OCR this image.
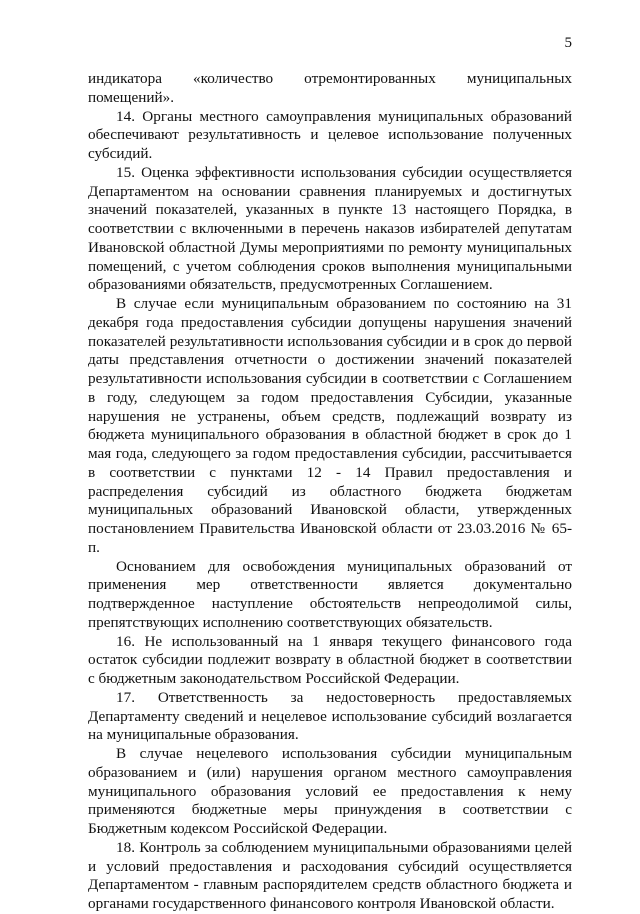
5

индикатора «количество отремонтированных муниципальных помещений».

14. Органы местного самоуправления муниципальных образований обеспечивают результативность и целевое использование полученных субсидий.

15. Оценка эффективности использования субсидии осуществляется Департаментом на основании сравнения планируемых и достигнутых значений показателей, указанных в пункте 13 настоящего Порядка, в соответствии с включенными в перечень наказов избирателей депутатам Ивановской областной Думы мероприятиями по ремонту муниципальных помещений, с учетом соблюдения сроков выполнения муниципальными образованиями обязательств, предусмотренных Соглашением.

В случае если муниципальным образованием по состоянию на 31 декабря года предоставления субсидии допущены нарушения значений показателей результативности использования субсидии и в срок до первой даты представления отчетности о достижении значений показателей результативности использования субсидии в соответствии с Соглашением в году, следующем за годом предоставления Субсидии, указанные нарушения не устранены, объем средств, подлежащий возврату из бюджета муниципального образования в областной бюджет в срок до 1 мая года, следующего за годом предоставления субсидии, рассчитывается в соответствии с пунктами 12 - 14 Правил предоставления и распределения субсидий из областного бюджета бюджетам муниципальных образований Ивановской области, утвержденных постановлением Правительства Ивановской области от 23.03.2016 № 65-п.

Основанием для освобождения муниципальных образований от применения мер ответственности является документально подтвержденное наступление обстоятельств непреодолимой силы, препятствующих исполнению соответствующих обязательств.

16. Не использованный на 1 января текущего финансового года остаток субсидии подлежит возврату в областной бюджет в соответствии с бюджетным законодательством Российской Федерации.

17. Ответственность за недостоверность предоставляемых Департаменту сведений и нецелевое использование субсидий возлагается на муниципальные образования.

В случае нецелевого использования субсидии муниципальным образованием и (или) нарушения органом местного самоуправления муниципального образования условий ее предоставления к нему применяются бюджетные меры принуждения в соответствии с Бюджетным кодексом Российской Федерации.

18. Контроль за соблюдением муниципальными образованиями целей и условий предоставления и расходования субсидий осуществляется Департаментом - главным распорядителем средств областного бюджета и органами государственного финансового контроля Ивановской области.
